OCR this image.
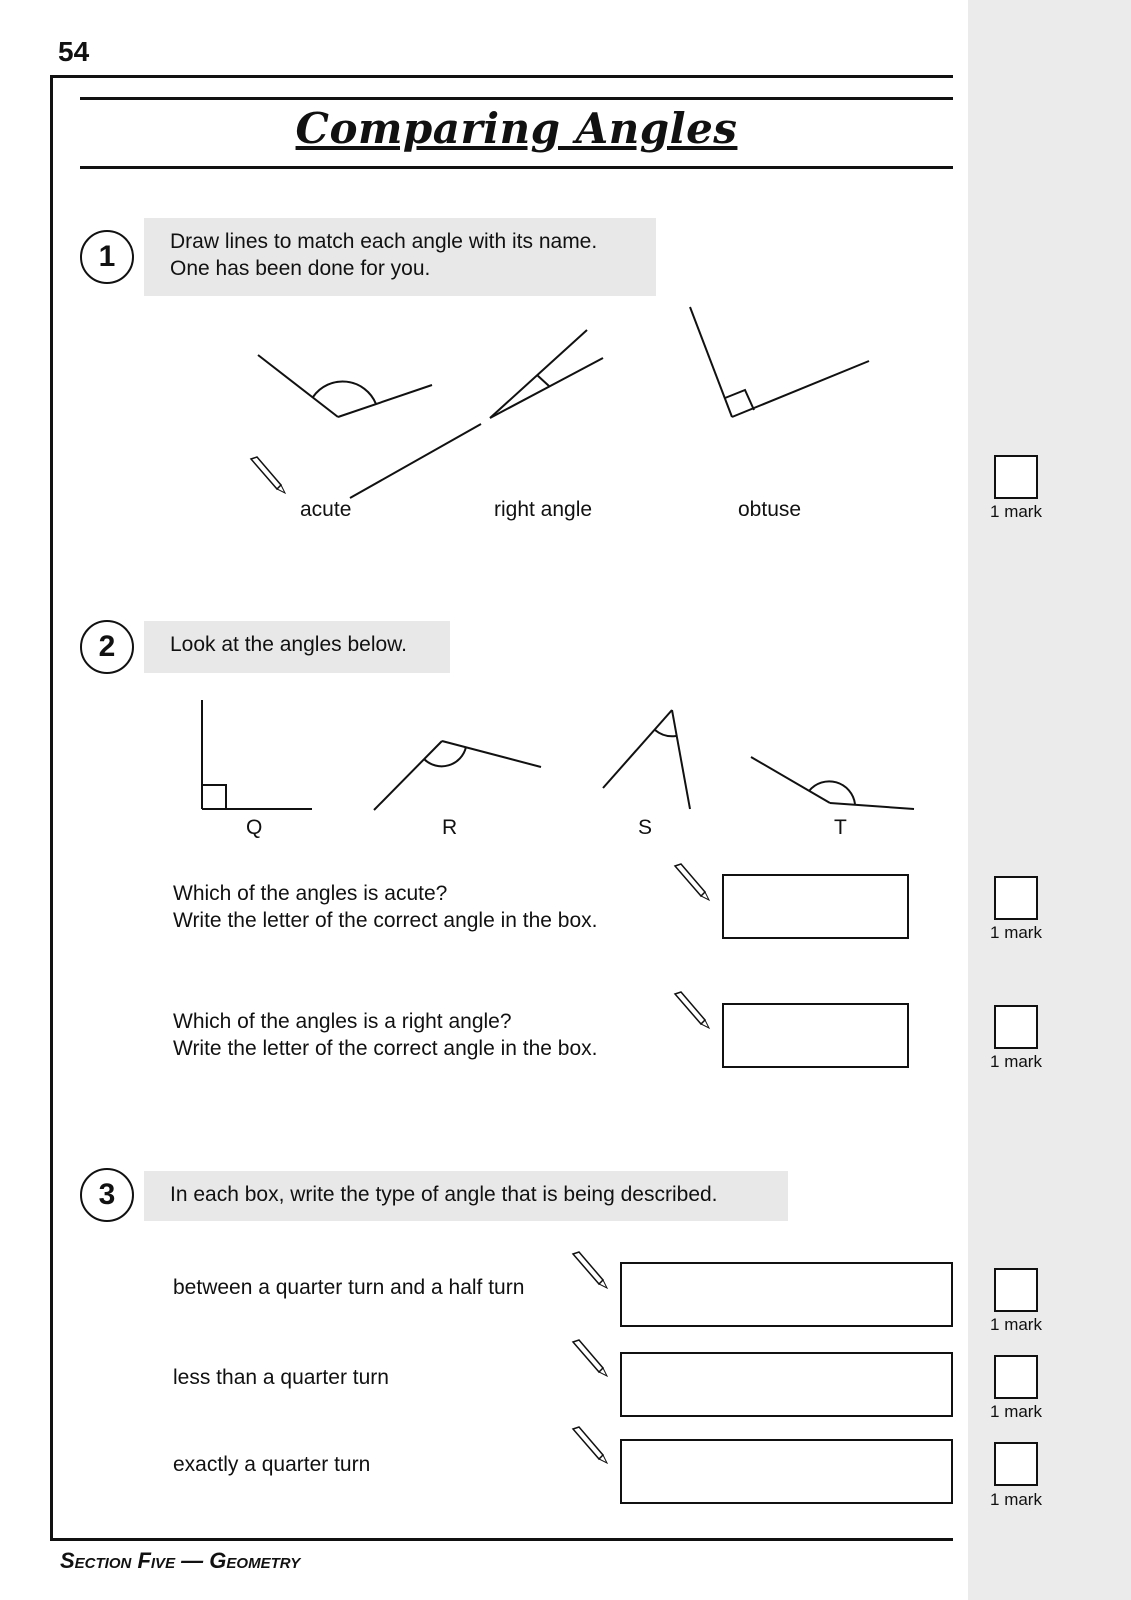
54
Comparing Angles
1	Draw lines to match each angle with its name.
One has been done for you.
acute	right angle	obtuse	1 mark
2	Look at the angles below.
Q	R	S	T
Which of the angles is acute?
Write the letter of the correct angle in the box.
1 mark
Which of the angles is a right angle?
Write the letter of the correct angle in the box.
1 mark
3	In each box, write the type of angle that is being described.
between a quarter turn and a half turn
1 mark
less than a quarter turn
1 mark
exactly a quarter turn
1 mark
Section Five — Geometry
